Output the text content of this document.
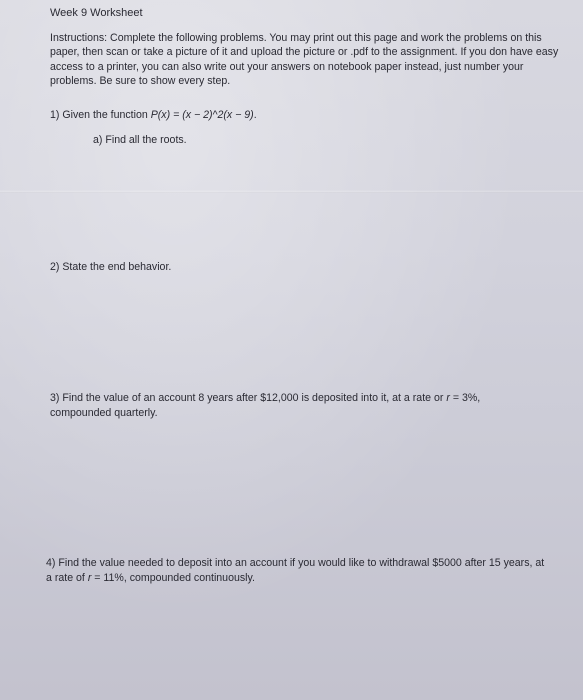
Week 9 Worksheet

Instructions: Complete the following problems. You may print out this page and work the problems on this paper, then scan or take a picture of it and upload the picture or .pdf to the assignment. If you don have easy access to a printer, you can also write out your answers on notebook paper instead, just number your problems. Be sure to show every step.

1) Given the function P(x) = (x − 2)^2(x − 9).

a) Find all the roots.

2) State the end behavior.

3) Find the value of an account 8 years after $12,000 is deposited into it, at a rate or r = 3%, compounded quarterly.

4) Find the value needed to deposit into an account if you would like to withdrawal $5000 after 15 years, at a rate of r = 11%, compounded continuously.
